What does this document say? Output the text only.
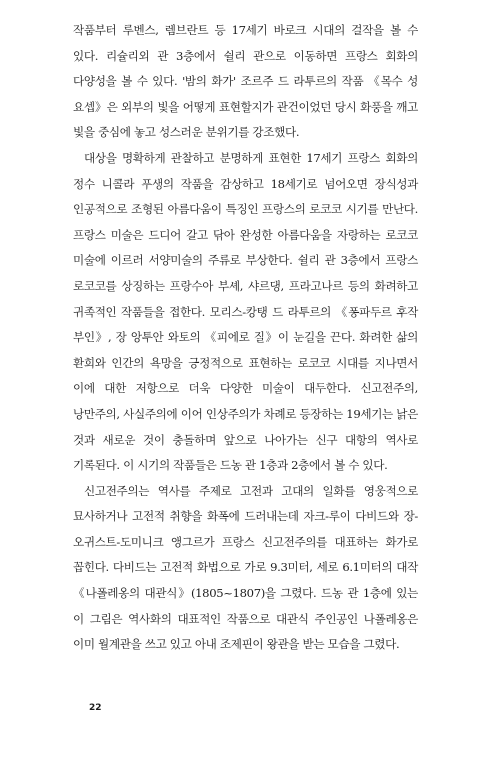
작품부터 루벤스, 렘브란트 등 17세기 바로크 시대의 걸작을 볼 수 있다. 리슐리외 관 3층에서 쉴리 관으로 이동하면 프랑스 회화의 다양성을 볼 수 있다. '밤의 화가' 조르주 드 라투르의 작품 《목수 성 요셉》은 외부의 빛을 어떻게 표현할지가 관건이었던 당시 화풍을 깨고 빛을 중심에 놓고 성스러운 분위기를 강조했다.

대상을 명확하게 관찰하고 분명하게 표현한 17세기 프랑스 회화의 정수 니콜라 푸생의 작품을 감상하고 18세기로 넘어오면 장식성과 인공적으로 조형된 아름다움이 특징인 프랑스의 로코코 시기를 만난다. 프랑스 미술은 드디어 갈고 닦아 완성한 아름다움을 자랑하는 로코코 미술에 이르러 서양미술의 주류로 부상한다. 쉴리 관 3층에서 프랑스 로코코를 상징하는 프랑수아 부셰, 샤르댕, 프라고나르 등의 화려하고 귀족적인 작품들을 접한다. 모리스-캉탱 드 라투르의 《퐁파두르 후작 부인》, 장 앙투안 와토의 《피에로 질》이 눈길을 끈다. 화려한 삶의 환희와 인간의 욕망을 긍정적으로 표현하는 로코코 시대를 지나면서 이에 대한 저항으로 더욱 다양한 미술이 대두한다. 신고전주의, 낭만주의, 사실주의에 이어 인상주의가 차례로 등장하는 19세기는 낡은 것과 새로운 것이 충돌하며 앞으로 나아가는 신구 대항의 역사로 기록된다. 이 시기의 작품들은 드농 관 1층과 2층에서 볼 수 있다.

신고전주의는 역사를 주제로 고전과 고대의 일화를 영웅적으로 묘사하거나 고전적 취향을 화폭에 드러내는데 자크-루이 다비드와 장-오귀스트-도미니크 앵그르가 프랑스 신고전주의를 대표하는 화가로 꼽힌다. 다비드는 고전적 화법으로 가로 9.3미터, 세로 6.1미터의 대작 《나폴레옹의 대관식》(1805~1807)을 그렸다. 드농 관 1층에 있는 이 그림은 역사화의 대표적인 작품으로 대관식 주인공인 나폴레옹은 이미 월계관을 쓰고 있고 아내 조제핀이 왕관을 받는 모습을 그렸다.

22
